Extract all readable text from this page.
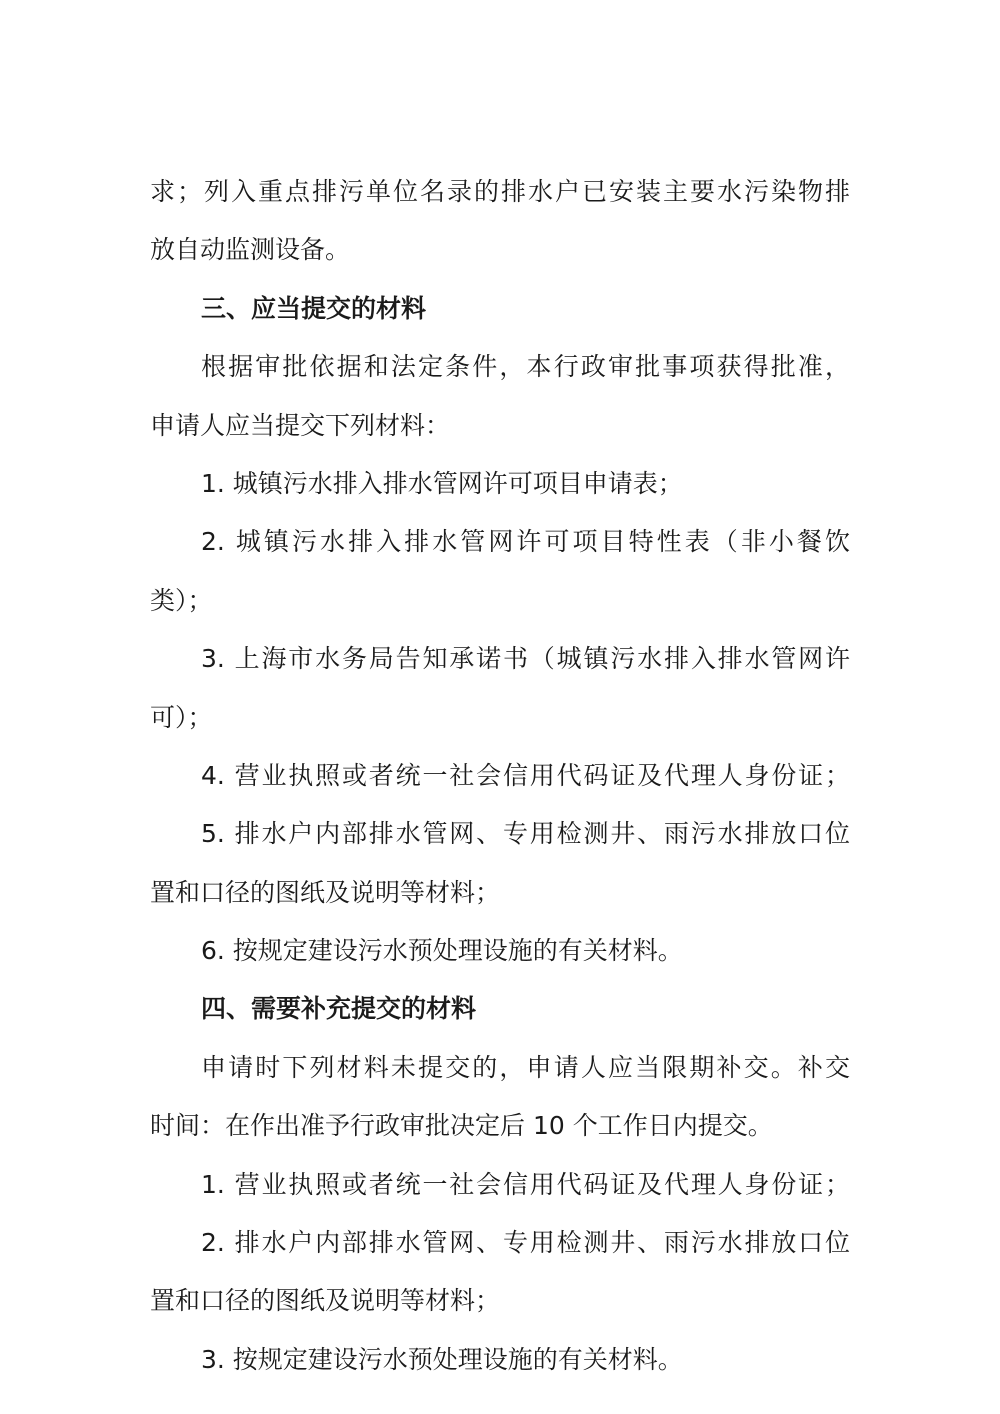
求；列入重点排污单位名录的排水户已安装主要水污染物排
放自动监测设备。
三、应当提交的材料
根据审批依据和法定条件，本行政审批事项获得批准，
申请人应当提交下列材料：
1. 城镇污水排入排水管网许可项目申请表；
2. 城镇污水排入排水管网许可项目特性表（非小餐饮
类）；
3. 上海市水务局告知承诺书（城镇污水排入排水管网许
可）；
4. 营业执照或者统一社会信用代码证及代理人身份证；
5. 排水户内部排水管网、专用检测井、雨污水排放口位
置和口径的图纸及说明等材料；
6. 按规定建设污水预处理设施的有关材料。
四、需要补充提交的材料
申请时下列材料未提交的，申请人应当限期补交。补交
时间：在作出准予行政审批决定后 10 个工作日内提交。
1. 营业执照或者统一社会信用代码证及代理人身份证；
2. 排水户内部排水管网、专用检测井、雨污水排放口位
置和口径的图纸及说明等材料；
3. 按规定建设污水预处理设施的有关材料。
